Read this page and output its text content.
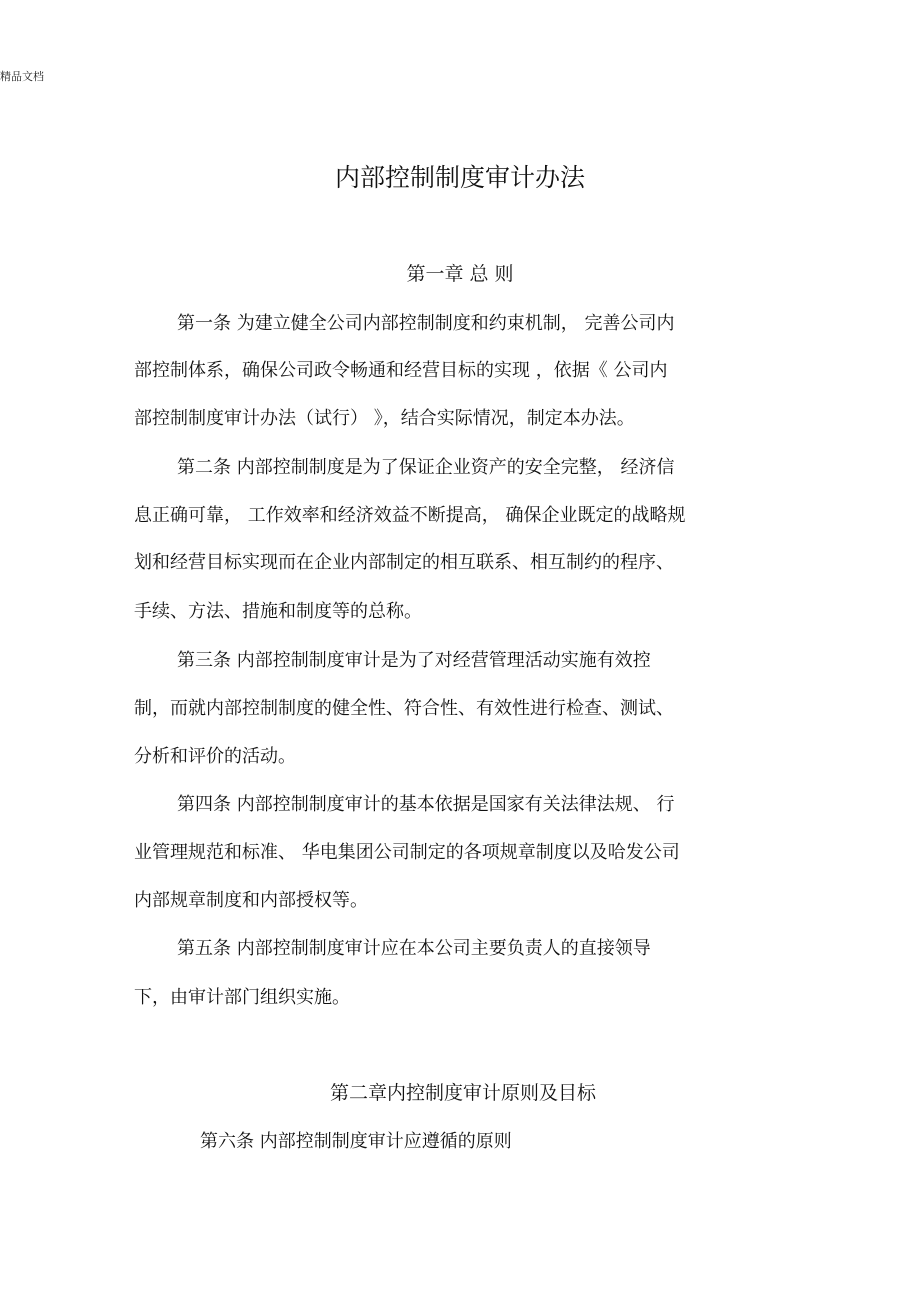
精品文档
内部控制制度审计办法
第一章 总 则
第一条 为建立健全公司内部控制制度和约束机制， 完善公司内
部控制体系，确保公司政令畅通和经营目标的实现 ，依据《 公司内
部控制制度审计办法（试行） 》，结合实际情况，制定本办法。
第二条 内部控制制度是为了保证企业资产的安全完整， 经济信
息正确可靠， 工作效率和经济效益不断提高， 确保企业既定的战略规
划和经营目标实现而在企业内部制定的相互联系、相互制约的程序、
手续、方法、措施和制度等的总称。
第三条 内部控制制度审计是为了对经营管理活动实施有效控
制，而就内部控制制度的健全性、符合性、有效性进行检查、测试、
分析和评价的活动。
第四条 内部控制制度审计的基本依据是国家有关法律法规、 行
业管理规范和标准、 华电集团公司制定的各项规章制度以及哈发公司
内部规章制度和内部授权等。
第五条 内部控制制度审计应在本公司主要负责人的直接领导
下，由审计部门组织实施。
第二章内控制度审计原则及目标
第六条 内部控制制度审计应遵循的原则
